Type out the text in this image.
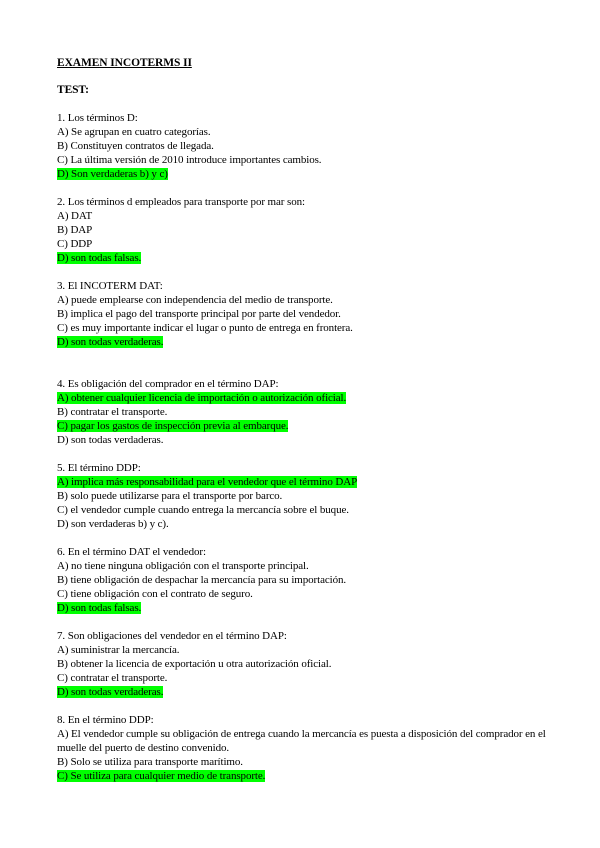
EXAMEN INCOTERMS II
TEST:
1. Los términos D:
A) Se agrupan en cuatro categorías.
B) Constituyen contratos de llegada.
C) La última versión de 2010 introduce importantes cambios.
D) Son verdaderas b) y c)
2. Los términos d empleados para transporte por mar son:
A) DAT
B) DAP
C) DDP
D) son todas falsas.
3. El INCOTERM DAT:
A) puede emplearse con independencia del medio de transporte.
B) implica el pago del transporte principal por parte del vendedor.
C) es muy importante indicar el lugar o punto de entrega en frontera.
D) son todas verdaderas.
4. Es obligación del comprador en el término DAP:
A) obtener cualquier licencia de importación o autorización oficial.
B) contratar el transporte.
C) pagar los gastos de inspección previa al embarque.
D) son todas verdaderas.
5. El término DDP:
A) implica más responsabilidad para el vendedor que el término DAP
B) solo puede utilizarse para el transporte por barco.
C) el vendedor cumple cuando entrega la mercancía sobre el buque.
D) son verdaderas b) y c).
6. En el término DAT el vendedor:
A) no tiene ninguna obligación con el transporte principal.
B) tiene obligación de despachar la mercancía para su importación.
C) tiene obligación con el contrato de seguro.
D) son todas falsas.
7. Son obligaciones del vendedor en el término DAP:
A) suministrar la mercancía.
B) obtener la licencia de exportación u otra autorización oficial.
C) contratar el transporte.
D) son todas verdaderas.
8. En el término DDP:
A) El vendedor cumple su obligación de entrega cuando la mercancía es puesta a disposición del comprador en el muelle del puerto de destino convenido.
B) Solo se utiliza para transporte marítimo.
C) Se utiliza para cualquier medio de transporte.
